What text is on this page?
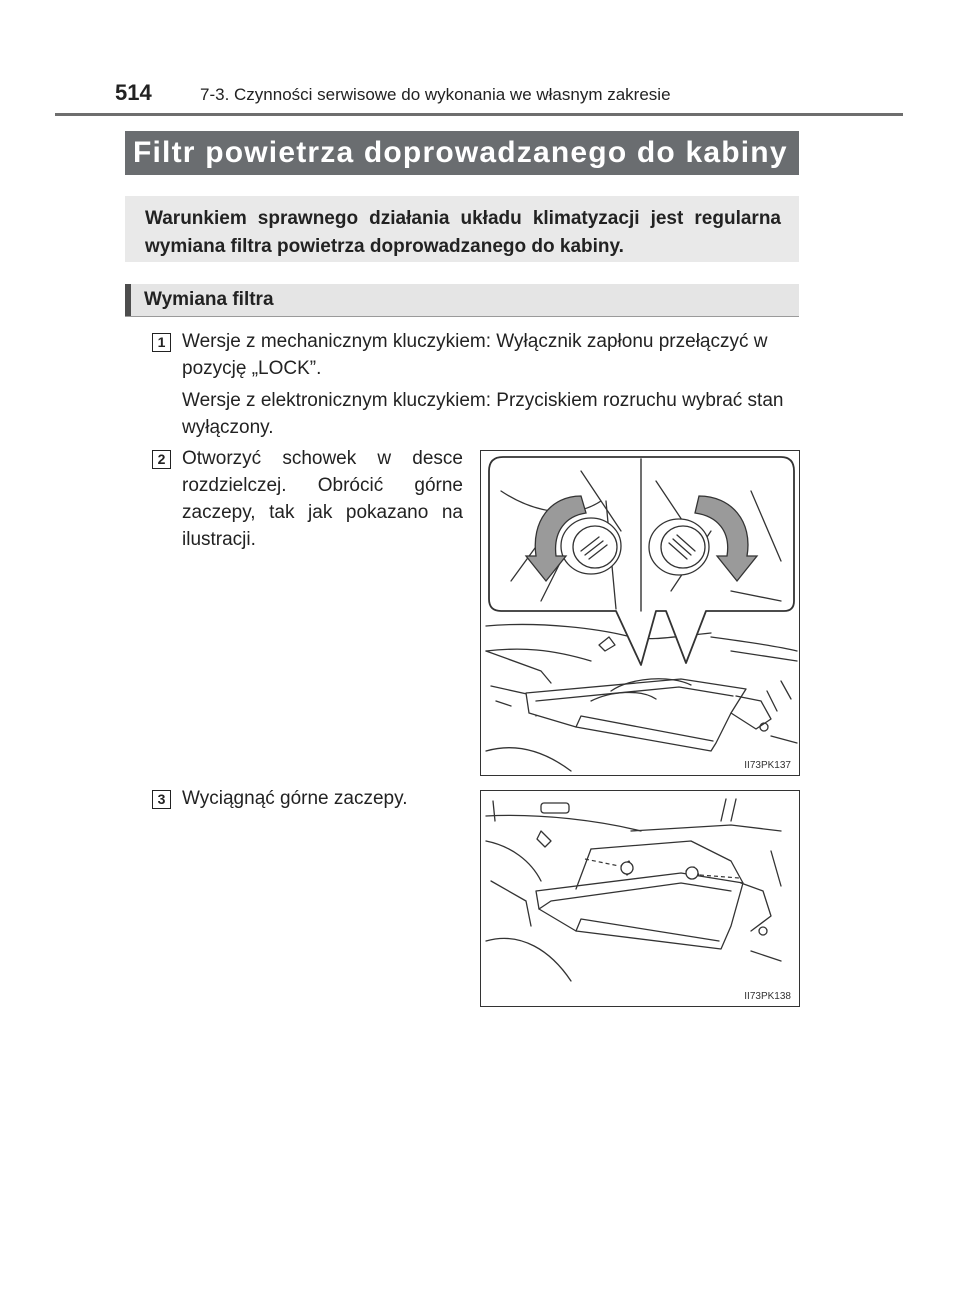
514	7-3. Czynności serwisowe do wykonania we własnym zakresie
Filtr powietrza doprowadzanego do kabiny
Warunkiem sprawnego działania układu klimatyzacji jest regularna wymiana filtra powietrza doprowadzanego do kabiny.
Wymiana filtra
1 Wersje z mechanicznym kluczykiem: Wyłącznik zapłonu przełączyć w pozycję „LOCK”.
Wersje z elektronicznym kluczykiem: Przyciskiem rozruchu wybrać stan wyłączony.
2 Otworzyć schowek w desce rozdzielczej. Obrócić górne zaczepy, tak jak pokazano na ilustracji.
II73PK137
3 Wyciągnąć górne zaczepy.
II73PK138
